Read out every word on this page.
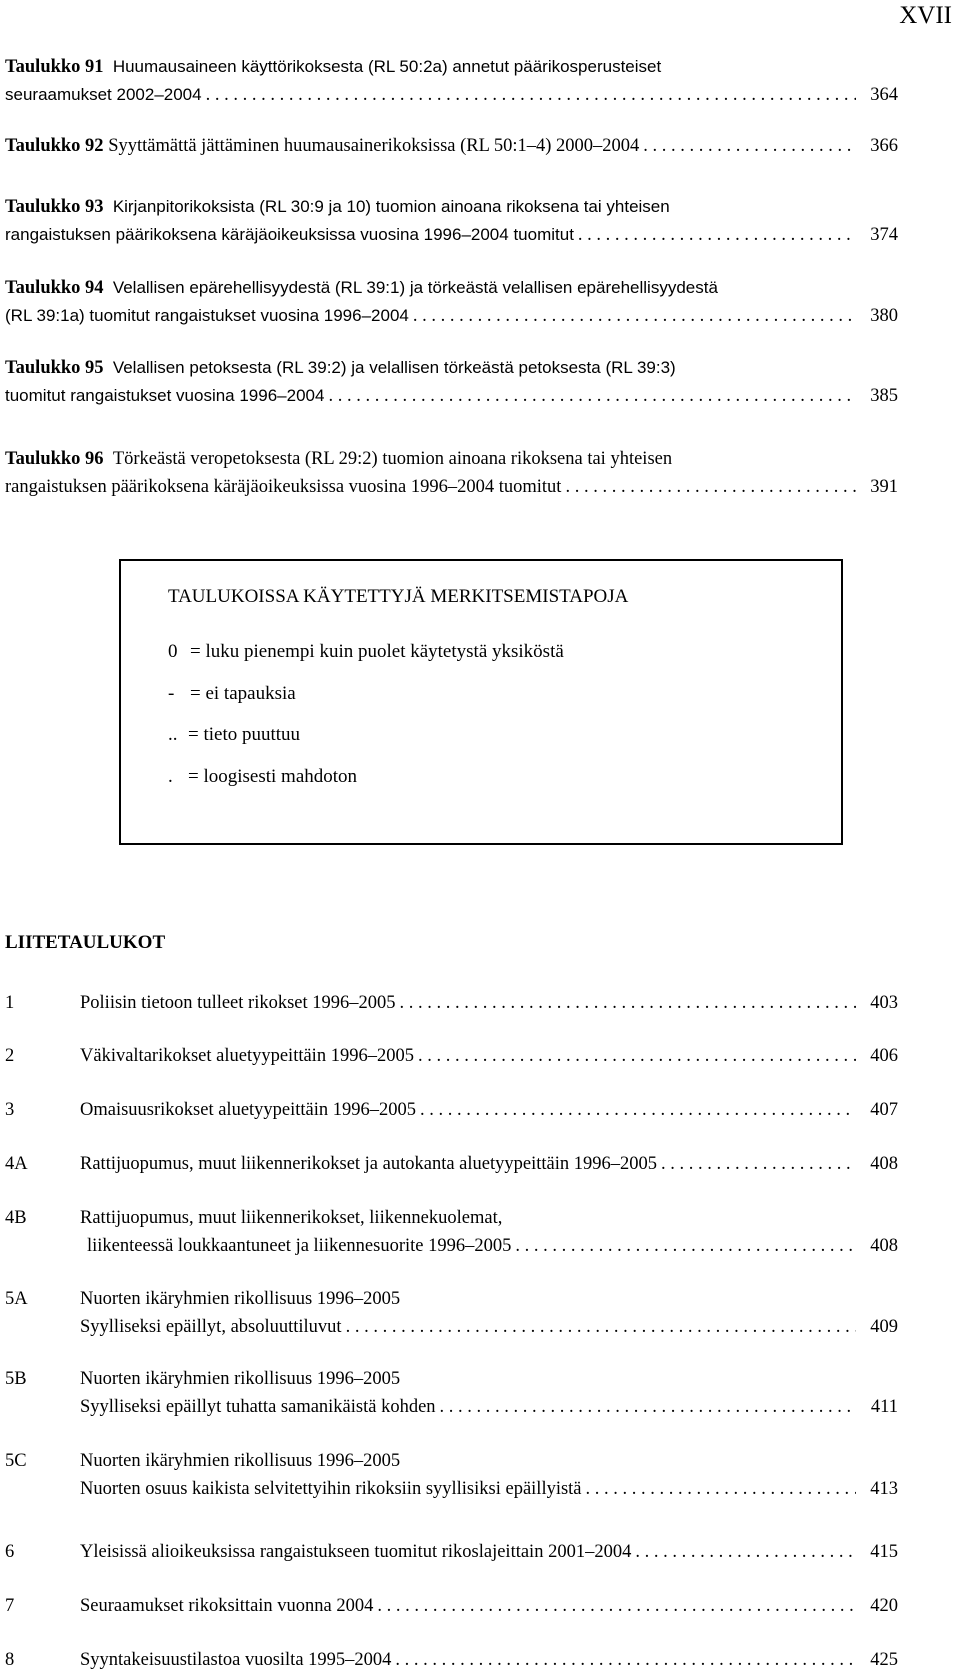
XVII
Taulukko 91
Huumausaineen käyttörikoksesta (RL 50:2a) annetut päärikosperusteiset
seuraamukset 2002–2004 . . .	364
Taulukko 92
Syyttämättä jättäminen huumausainerikoksissa (RL 50:1–4) 2000–2004 . . .	366
Taulukko 93
Kirjanpitorikoksista (RL 30:9 ja 10) tuomion ainoana rikoksena tai yhteisen
rangaistuksen päärikoksena käräjäoikeuksissa vuosina 1996–2004 tuomitut . . .	374
Taulukko 94
Velallisen epärehellisyydestä (RL 39:1) ja törkeästä velallisen epärehellisyydestä
(RL 39:1a) tuomitut rangaistukset vuosina 1996–2004 . . .	380
Taulukko 95
Velallisen petoksesta (RL 39:2) ja velallisen törkeästä petoksesta (RL 39:3)
tuomitut rangaistukset vuosina 1996–2004 . . .	385
Taulukko 96
Törkeästä veropetoksesta (RL 29:2) tuomion ainoana rikoksena tai yhteisen
rangaistuksen päärikoksena käräjäoikeuksissa vuosina 1996–2004 tuomitut . . .	391
TAULUKOISSA KÄYTETTYJÄ MERKITSEMISTAPOJA
0 = luku pienempi kuin puolet käytetystä yksiköstä
- = ei tapauksia
.. = tieto puuttuu
. = loogisesti mahdoton
LIITETAULUKOT
1	Poliisin tietoon tulleet rikokset 1996–2005 . . .	403
2	Väkivaltarikokset aluetyypeittäin 1996–2005 . . .	406
3	Omaisuusrikokset aluetyypeittäin 1996–2005 . . .	407
4A	Rattijuopumus, muut liikennerikokset ja autokanta aluetyypeittäin 1996–2005 . . .	408
4B	Rattijuopumus, muut liikennerikokset, liikennekuolemat,
liikenteessä loukkaantuneet ja liikennesuorite 1996–2005 . . .	408
5A	Nuorten ikäryhmien rikollisuus 1996–2005
Syylliseksi epäillyt, absoluuttiluvut . . .	409
5B	Nuorten ikäryhmien rikollisuus 1996–2005
Syylliseksi epäillyt tuhatta samanikäistä kohden . . .	411
5C	Nuorten ikäryhmien rikollisuus 1996–2005
Nuorten osuus kaikista selvitettyihin rikoksiin syyllisiksi epäillyistä . . .	413
6	Yleisissä alioikeuksissa rangaistukseen tuomitut rikoslajeittain 2001–2004 . . .	415
7	Seuraamukset rikoksittain vuonna 2004 . . .	420
8	Syyntakeisuustilastoa vuosilta 1995–2004 . . .	425
